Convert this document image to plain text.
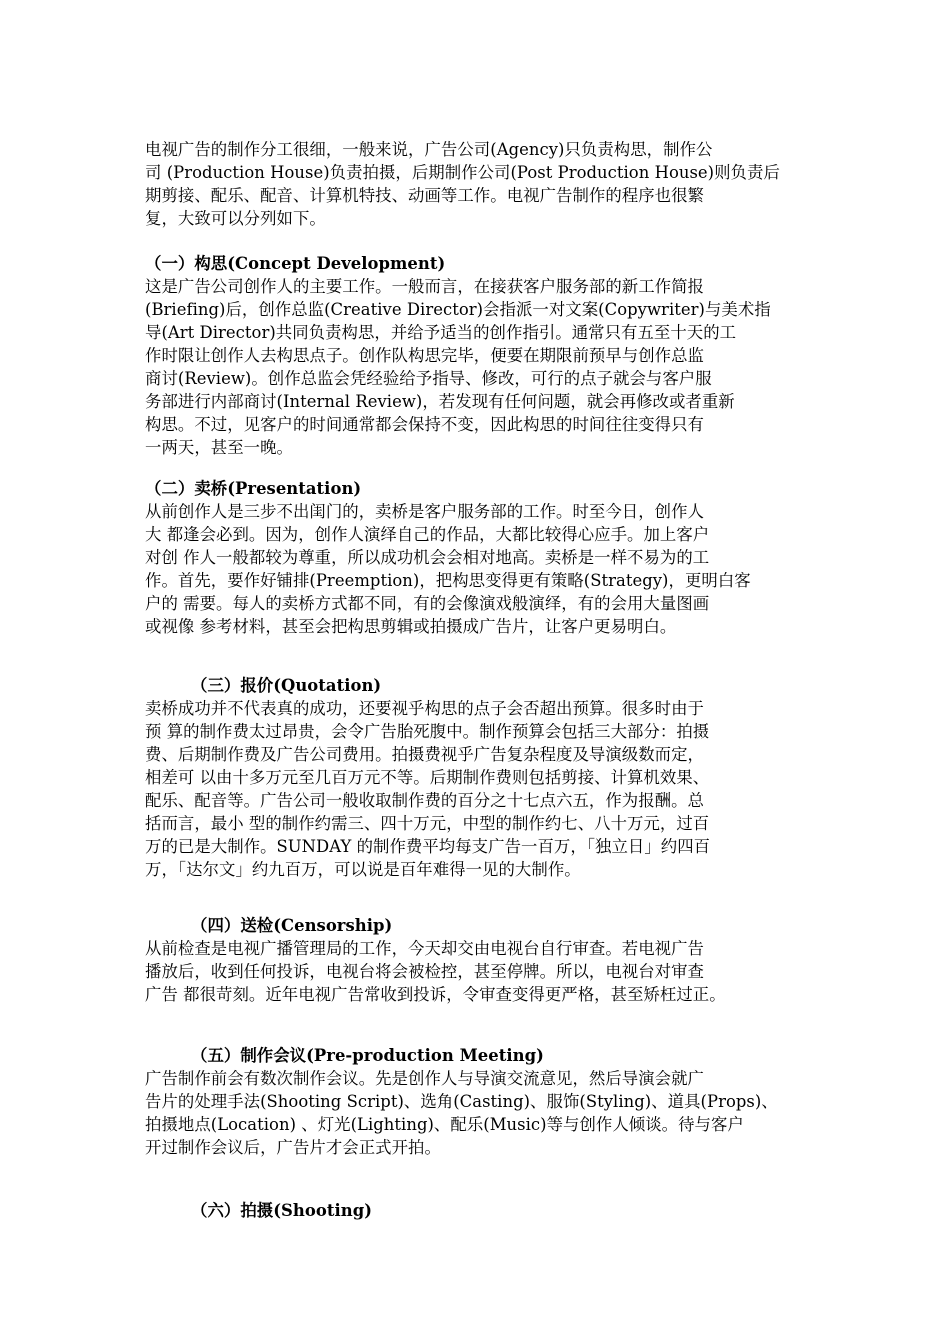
电视广告的制作分工很细，一般来说，广告公司(Agency)只负责构思，制作公
司 (Production House)负责拍摄，后期制作公司(Post Production House)则负责后
期剪接、配乐、配音、计算机特技、动画等工作。电视广告制作的程序也很繁
复，大致可以分列如下。
（一）构思(Concept Development)
这是广告公司创作人的主要工作。一般而言，在接获客户服务部的新工作简报
(Briefing)后，创作总监(Creative Director)会指派一对文案(Copywriter)与美术指
导(Art Director)共同负责构思，并给予适当的创作指引。通常只有五至十天的工
作时限让创作人去构思点子。创作队构思完毕，便要在期限前预早与创作总监
商讨(Review)。创作总监会凭经验给予指导、修改，可行的点子就会与客户服
务部进行内部商讨(Internal Review)，若发现有任何问题，就会再修改或者重新
构思。不过，见客户的时间通常都会保持不变，因此构思的时间往往变得只有
一两天，甚至一晚。
（二）卖桥(Presentation)
从前创作人是三步不出闺门的，卖桥是客户服务部的工作。时至今日，创作人
大 都逢会必到。因为，创作人演绎自己的作品，大都比较得心应手。加上客户
对创 作人一般都较为尊重，所以成功机会会相对地高。卖桥是一样不易为的工
作。首先，要作好铺排(Preemption)，把构思变得更有策略(Strategy)，更明白客
户的 需要。每人的卖桥方式都不同，有的会像演戏般演绎，有的会用大量图画
或视像 参考材料，甚至会把构思剪辑或拍摄成广告片，让客户更易明白。
（三）报价(Quotation)
卖桥成功并不代表真的成功，还要视乎构思的点子会否超出预算。很多时由于
预 算的制作费太过昂贵，会令广告胎死腹中。制作预算会包括三大部分：拍摄
费、后期制作费及广告公司费用。拍摄费视乎广告复杂程度及导演级数而定，
相差可 以由十多万元至几百万元不等。后期制作费则包括剪接、计算机效果、
配乐、配音等。广告公司一般收取制作费的百分之十七点六五，作为报酬。总
括而言，最小 型的制作约需三、四十万元，中型的制作约七、八十万元，过百
万的已是大制作。SUNDAY 的制作费平均每支广告一百万，「独立日」约四百
万，「达尔文」约九百万，可以说是百年难得一见的大制作。
（四）送检(Censorship)
从前检查是电视广播管理局的工作，今天却交由电视台自行审查。若电视广告
播放后，收到任何投诉，电视台将会被检控，甚至停牌。所以，电视台对审查
广告 都很苛刻。近年电视广告常收到投诉，令审查变得更严格，甚至矫枉过正。
（五）制作会议(Pre-production Meeting)
广告制作前会有数次制作会议。先是创作人与导演交流意见，然后导演会就广
告片的处理手法(Shooting Script)、选角(Casting)、服饰(Styling)、道具(Props)、
拍摄地点(Location) 、灯光(Lighting)、配乐(Music)等与创作人倾谈。待与客户
开过制作会议后，广告片才会正式开拍。
（六）拍摄(Shooting)
